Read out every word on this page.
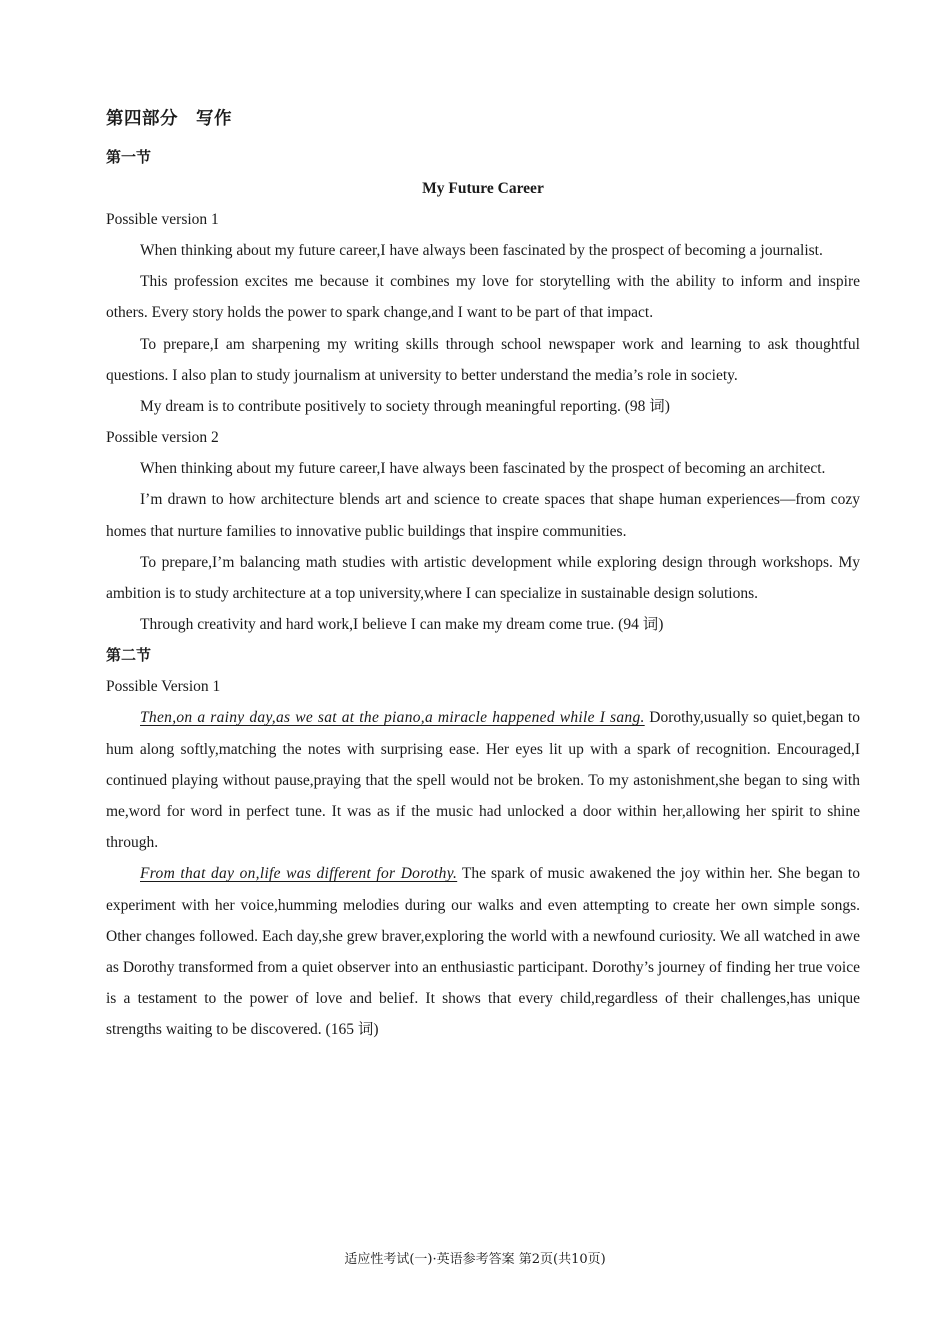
第四部分 写作
第一节
My Future Career
Possible version 1

When thinking about my future career,I have always been fascinated by the prospect of becoming a journalist.

This profession excites me because it combines my love for storytelling with the ability to inform and inspire others. Every story holds the power to spark change,and I want to be part of that impact.

To prepare,I am sharpening my writing skills through school newspaper work and learning to ask thoughtful questions. I also plan to study journalism at university to better understand the media’s role in society.

My dream is to contribute positively to society through meaningful reporting. (98 词)

Possible version 2

When thinking about my future career,I have always been fascinated by the prospect of becoming an architect.

I’m drawn to how architecture blends art and science to create spaces that shape human experiences—from cozy homes that nurture families to innovative public buildings that inspire communities.

To prepare,I’m balancing math studies with artistic development while exploring design through workshops. My ambition is to study architecture at a top university,where I can specialize in sustainable design solutions.

Through creativity and hard work,I believe I can make my dream come true. (94 词)

第二节
Possible Version 1

Then,on a rainy day,as we sat at the piano,a miracle happened while I sang. Dorothy,usually so quiet,began to hum along softly,matching the notes with surprising ease. Her eyes lit up with a spark of recognition. Encouraged,I continued playing without pause,praying that the spell would not be broken. To my astonishment,she began to sing with me,word for word in perfect tune. It was as if the music had unlocked a door within her,allowing her spirit to shine through.

From that day on,life was different for Dorothy. The spark of music awakened the joy within her. She began to experiment with her voice,humming melodies during our walks and even attempting to create her own simple songs. Other changes followed. Each day,she grew braver,exploring the world with a newfound curiosity. We all watched in awe as Dorothy transformed from a quiet observer into an enthusiastic participant. Dorothy’s journey of finding her true voice is a testament to the power of love and belief. It shows that every child,regardless of their challenges,has unique strengths waiting to be discovered. (165 词)

适应性考试(一)·英语参考答案 第2页(共10页)
